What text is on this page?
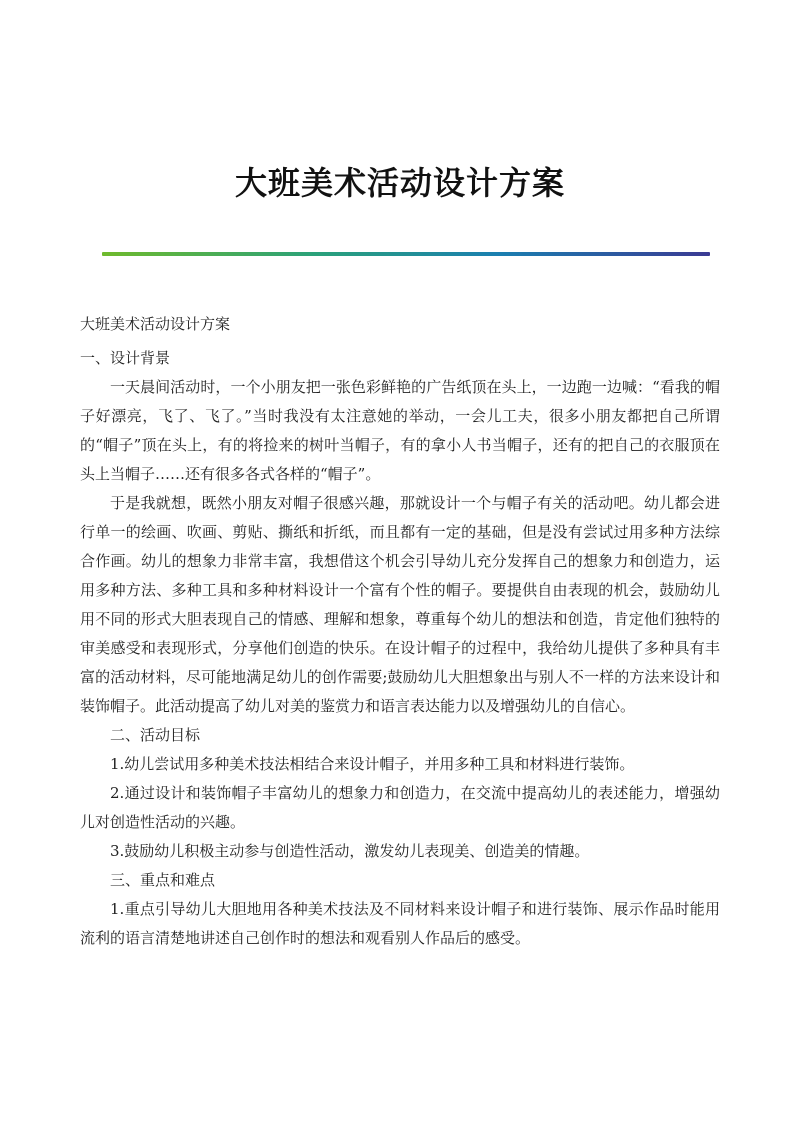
大班美术活动设计方案

大班美术活动设计方案

一、设计背景

一天晨间活动时，一个小朋友把一张色彩鲜艳的广告纸顶在头上，一边跑一边喊：“看我的帽子好漂亮，飞了、飞了。”当时我没有太注意她的举动，一会儿工夫，很多小朋友都把自己所谓的“帽子”顶在头上，有的将捡来的树叶当帽子，有的拿小人书当帽子，还有的把自己的衣服顶在头上当帽子……还有很多各式各样的“帽子”。

于是我就想，既然小朋友对帽子很感兴趣，那就设计一个与帽子有关的活动吧。幼儿都会进行单一的绘画、吹画、剪贴、撕纸和折纸，而且都有一定的基础，但是没有尝试过用多种方法综合作画。幼儿的想象力非常丰富，我想借这个机会引导幼儿充分发挥自己的想象力和创造力，运用多种方法、多种工具和多种材料设计一个富有个性的帽子。要提供自由表现的机会，鼓励幼儿用不同的形式大胆表现自己的情感、理解和想象，尊重每个幼儿的想法和创造，肯定他们独特的审美感受和表现形式，分享他们创造的快乐。在设计帽子的过程中，我给幼儿提供了多种具有丰富的活动材料，尽可能地满足幼儿的创作需要;鼓励幼儿大胆想象出与别人不一样的方法来设计和装饰帽子。此活动提高了幼儿对美的鉴赏力和语言表达能力以及增强幼儿的自信心。

二、活动目标

1.幼儿尝试用多种美术技法相结合来设计帽子，并用多种工具和材料进行装饰。

2.通过设计和装饰帽子丰富幼儿的想象力和创造力，在交流中提高幼儿的表述能力，增强幼儿对创造性活动的兴趣。

3.鼓励幼儿积极主动参与创造性活动，激发幼儿表现美、创造美的情趣。

三、重点和难点

1.重点引导幼儿大胆地用各种美术技法及不同材料来设计帽子和进行装饰、展示作品时能用流利的语言清楚地讲述自己创作时的想法和观看别人作品后的感受。
